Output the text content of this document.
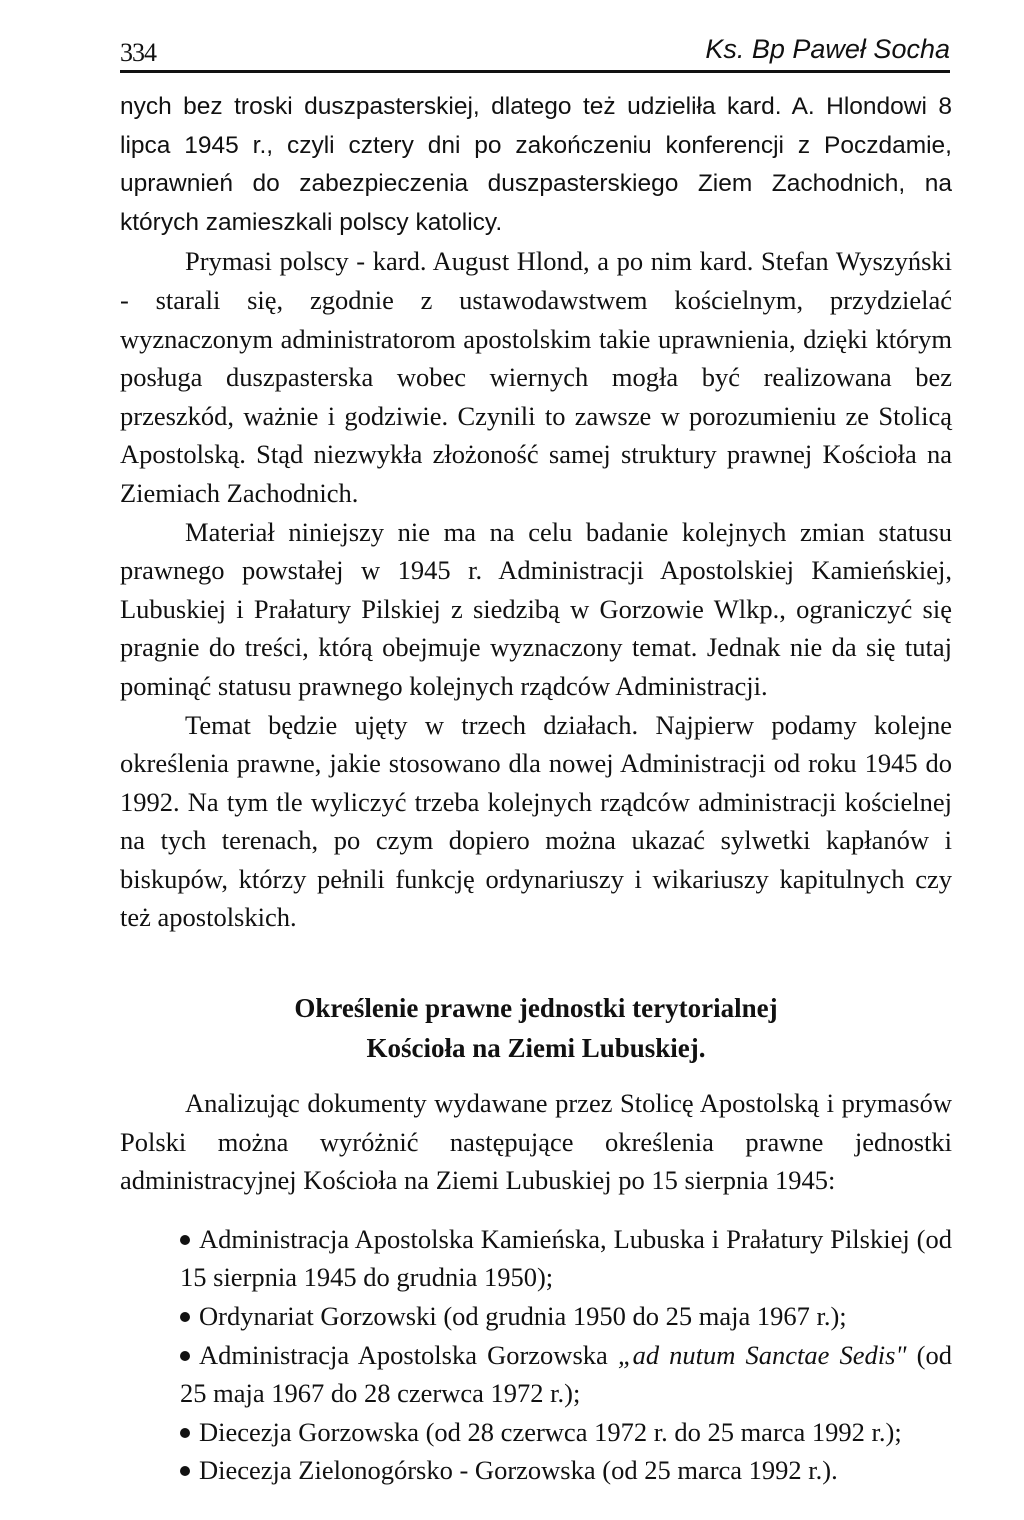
334	Ks. Bp Paweł Socha

nych bez troski duszpasterskiej, dlatego też udzieliła kard. A. Hlondowi 8 lipca 1945 r., czyli cztery dni po zakończeniu konferencji z Poczdamie, uprawnień do zabezpieczenia duszpasterskiego Ziem Zachodnich, na których zamieszkali polscy katolicy.

Prymasi polscy - kard. August Hlond, a po nim kard. Stefan Wyszyński - starali się, zgodnie z ustawodawstwem kościelnym, przydzielać wyznaczonym administratorom apostolskim takie uprawnienia, dzięki którym posługa duszpasterska wobec wiernych mogła być realizowana bez przeszkód, ważnie i godziwie. Czynili to zawsze w porozumieniu ze Stolicą Apostolską. Stąd niezwykła złożoność samej struktury prawnej Kościoła na Ziemiach Zachodnich.

Materiał niniejszy nie ma na celu badanie kolejnych zmian statusu prawnego powstałej w 1945 r. Administracji Apostolskiej Kamieńskiej, Lubuskiej i Prałatury Pilskiej z siedzibą w Gorzowie Wlkp., ograniczyć się pragnie do treści, którą obejmuje wyznaczony temat. Jednak nie da się tutaj pominąć statusu prawnego kolejnych rządców Administracji.

Temat będzie ujęty w trzech działach. Najpierw podamy kolejne określenia prawne, jakie stosowano dla nowej Administracji od roku 1945 do 1992. Na tym tle wyliczyć trzeba kolejnych rządców administracji kościelnej na tych terenach, po czym dopiero można ukazać sylwetki kapłanów i biskupów, którzy pełnili funkcję ordynariuszy i wikariuszy kapitulnych czy też apostolskich.

Określenie prawne jednostki terytorialnej
Kościoła na Ziemi Lubuskiej.

Analizując dokumenty wydawane przez Stolicę Apostolską i prymasów Polski można wyróżnić następujące określenia prawne jednostki administracyjnej Kościoła na Ziemi Lubuskiej po 15 sierpnia 1945:

Administracja Apostolska Kamieńska, Lubuska i Prałatury Pilskiej (od 15 sierpnia 1945 do grudnia 1950);
Ordynariat Gorzowski (od grudnia 1950 do 25 maja 1967 r.);
Administracja Apostolska Gorzowska „ad nutum Sanctae Sedis" (od 25 maja 1967 do 28 czerwca 1972 r.);
Diecezja Gorzowska (od 28 czerwca 1972 r. do 25 marca 1992 r.);
Diecezja Zielonogórsko - Gorzowska (od 25 marca 1992 r.).
